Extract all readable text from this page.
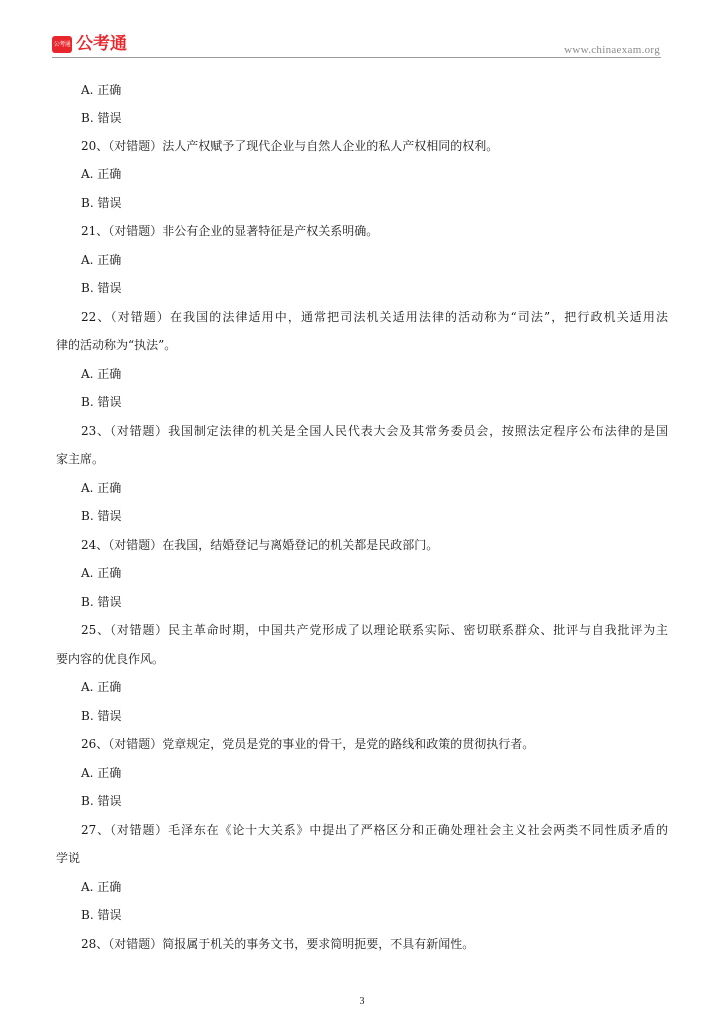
公考通 公考通	www.chinaexam.org
A. 正确
B. 错误
20、（对错题）法人产权赋予了现代企业与自然人企业的私人产权相同的权利。
A. 正确
B. 错误
21、（对错题）非公有企业的显著特征是产权关系明确。
A. 正确
B. 错误
22、（对错题）在我国的法律适用中，通常把司法机关适用法律的活动称为“司法”，把行政机关适用法
律的活动称为“执法”。
A. 正确
B. 错误
23、（对错题）我国制定法律的机关是全国人民代表大会及其常务委员会，按照法定程序公布法律的是国
家主席。
A. 正确
B. 错误
24、（对错题）在我国，结婚登记与离婚登记的机关都是民政部门。
A. 正确
B. 错误
25、（对错题）民主革命时期，中国共产党形成了以理论联系实际、密切联系群众、批评与自我批评为主
要内容的优良作风。
A. 正确
B. 错误
26、（对错题）党章规定，党员是党的事业的骨干，是党的路线和政策的贯彻执行者。
A. 正确
B. 错误
27、（对错题）毛泽东在《论十大关系》中提出了严格区分和正确处理社会主义社会两类不同性质矛盾的
学说
A. 正确
B. 错误
28、（对错题）简报属于机关的事务文书，要求简明扼要，不具有新闻性。
3
